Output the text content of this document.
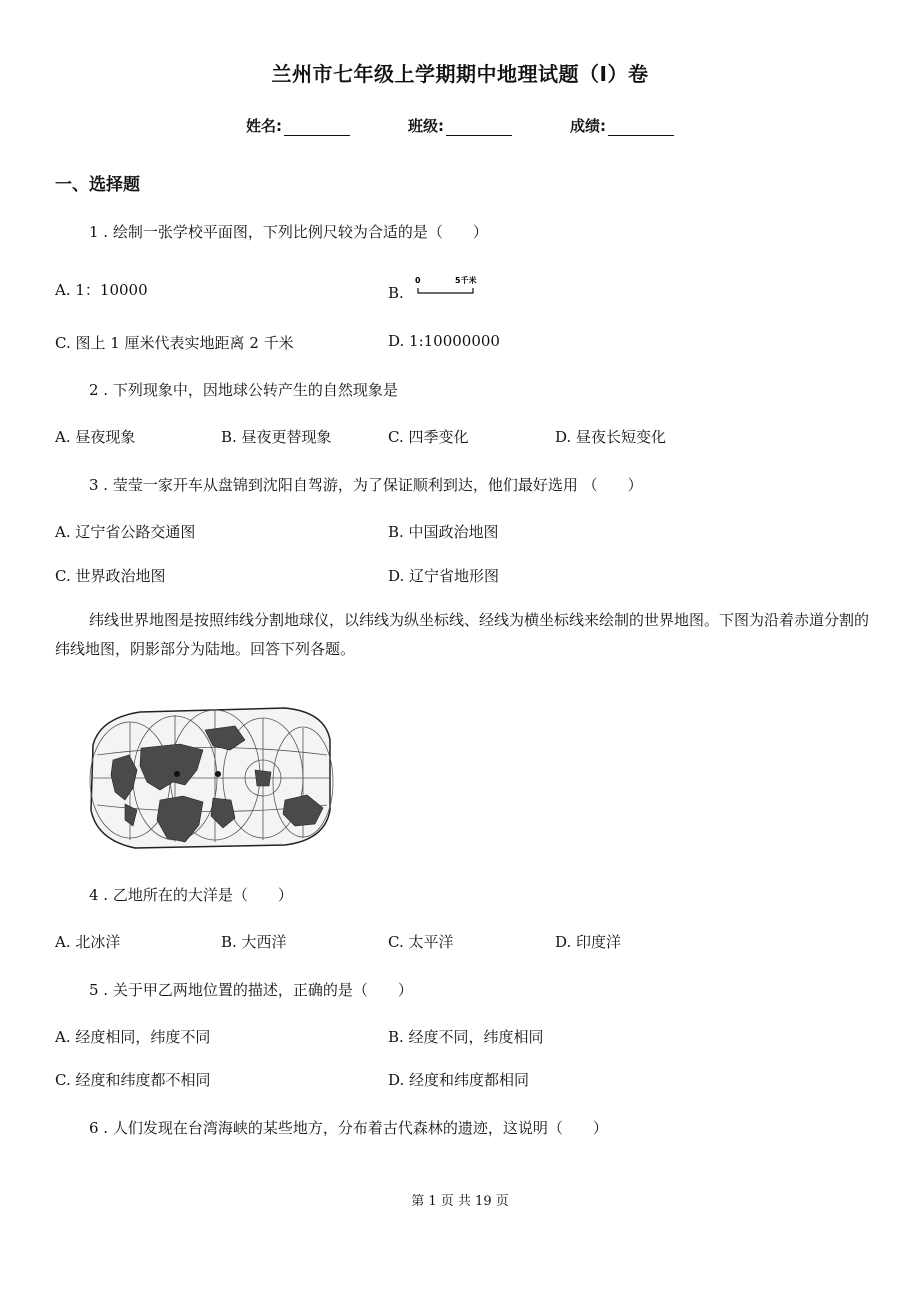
兰州市七年级上学期期中地理试题（I）卷
姓名:	班级:	成绩:
一、选择题
1 . 绘制一张学校平面图，下列比例尺较为合适的是（　　）
A. 1：10000	B.
0	5千米
C. 图上 1 厘米代表实地距离 2 千米	D. 1:10000000
2 . 下列现象中，因地球公转产生的自然现象是
A. 昼夜现象	B. 昼夜更替现象	C. 四季变化	D. 昼夜长短变化
3 . 莹莹一家开车从盘锦到沈阳自驾游，为了保证顺利到达，他们最好选用 （　　）
A. 辽宁省公路交通图	B. 中国政治地图
C. 世界政治地图	D. 辽宁省地形图
纬线世界地图是按照纬线分割地球仪，以纬线为纵坐标线、经线为横坐标线来绘制的世界地图。下图为沿着赤道分割的纬线地图，阴影部分为陆地。回答下列各题。
4 . 乙地所在的大洋是（　　）
A. 北冰洋	B. 大西洋	C. 太平洋	D. 印度洋
5 . 关于甲乙两地位置的描述，正确的是（　　）
A. 经度相同，纬度不同	B. 经度不同，纬度相同
C. 经度和纬度都不相同	D. 经度和纬度都相同
6 . 人们发现在台湾海峡的某些地方，分布着古代森林的遗迹，这说明（　　）
第 1 页 共 19 页
